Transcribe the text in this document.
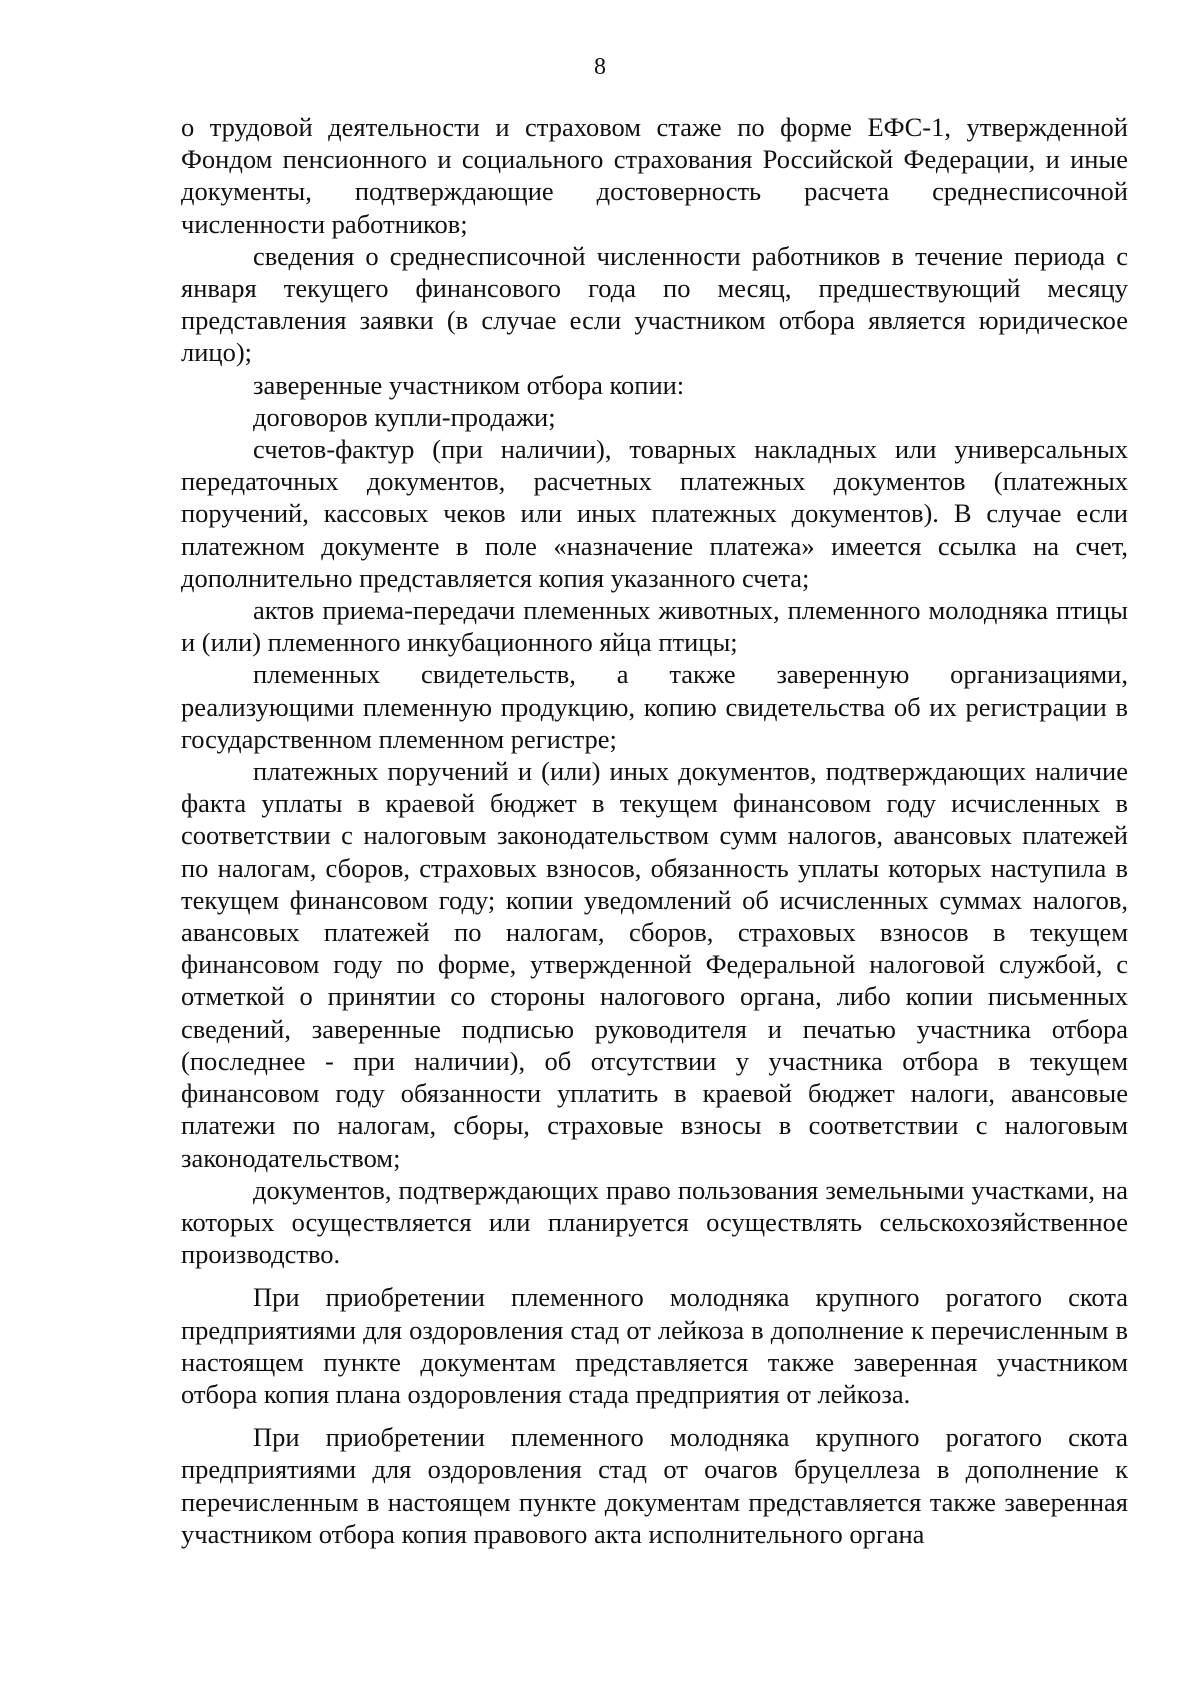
8

о трудовой деятельности и страховом стаже по форме ЕФС-1, утвержденной Фондом пенсионного и социального страхования Российской Федерации, и иные документы, подтверждающие достоверность расчета среднесписочной численности работников;

сведения о среднесписочной численности работников в течение периода с января текущего финансового года по месяц, предшествующий месяцу представления заявки (в случае если участником отбора является юридическое лицо);

заверенные участником отбора копии:

договоров купли-продажи;

счетов-фактур (при наличии), товарных накладных или универсальных передаточных документов, расчетных платежных документов (платежных поручений, кассовых чеков или иных платежных документов). В случае если платежном документе в поле «назначение платежа» имеется ссылка на счет, дополнительно представляется копия указанного счета;

актов приема-передачи племенных животных, племенного молодняка птицы и (или) племенного инкубационного яйца птицы;

племенных свидетельств, а также заверенную организациями, реализующими племенную продукцию, копию свидетельства об их регистрации в государственном племенном регистре;

платежных поручений и (или) иных документов, подтверждающих наличие факта уплаты в краевой бюджет в текущем финансовом году исчисленных в соответствии с налоговым законодательством сумм налогов, авансовых платежей по налогам, сборов, страховых взносов, обязанность уплаты которых наступила в текущем финансовом году; копии уведомлений об исчисленных суммах налогов, авансовых платежей по налогам, сборов, страховых взносов в текущем финансовом году по форме, утвержденной Федеральной налоговой службой, с отметкой о принятии со стороны налогового органа, либо копии письменных сведений, заверенные подписью руководителя и печатью участника отбора (последнее - при наличии), об отсутствии у участника отбора в текущем финансовом году обязанности уплатить в краевой бюджет налоги, авансовые платежи по налогам, сборы, страховые взносы в соответствии с налоговым законодательством;

документов, подтверждающих право пользования земельными участками, на которых осуществляется или планируется осуществлять сельскохозяйственное производство.

При приобретении племенного молодняка крупного рогатого скота предприятиями для оздоровления стад от лейкоза в дополнение к перечисленным в настоящем пункте документам представляется также заверенная участником отбора копия плана оздоровления стада предприятия от лейкоза.

При приобретении племенного молодняка крупного рогатого скота предприятиями для оздоровления стад от очагов бруцеллеза в дополнение к перечисленным в настоящем пункте документам представляется также заверенная участником отбора копия правового акта исполнительного органа
